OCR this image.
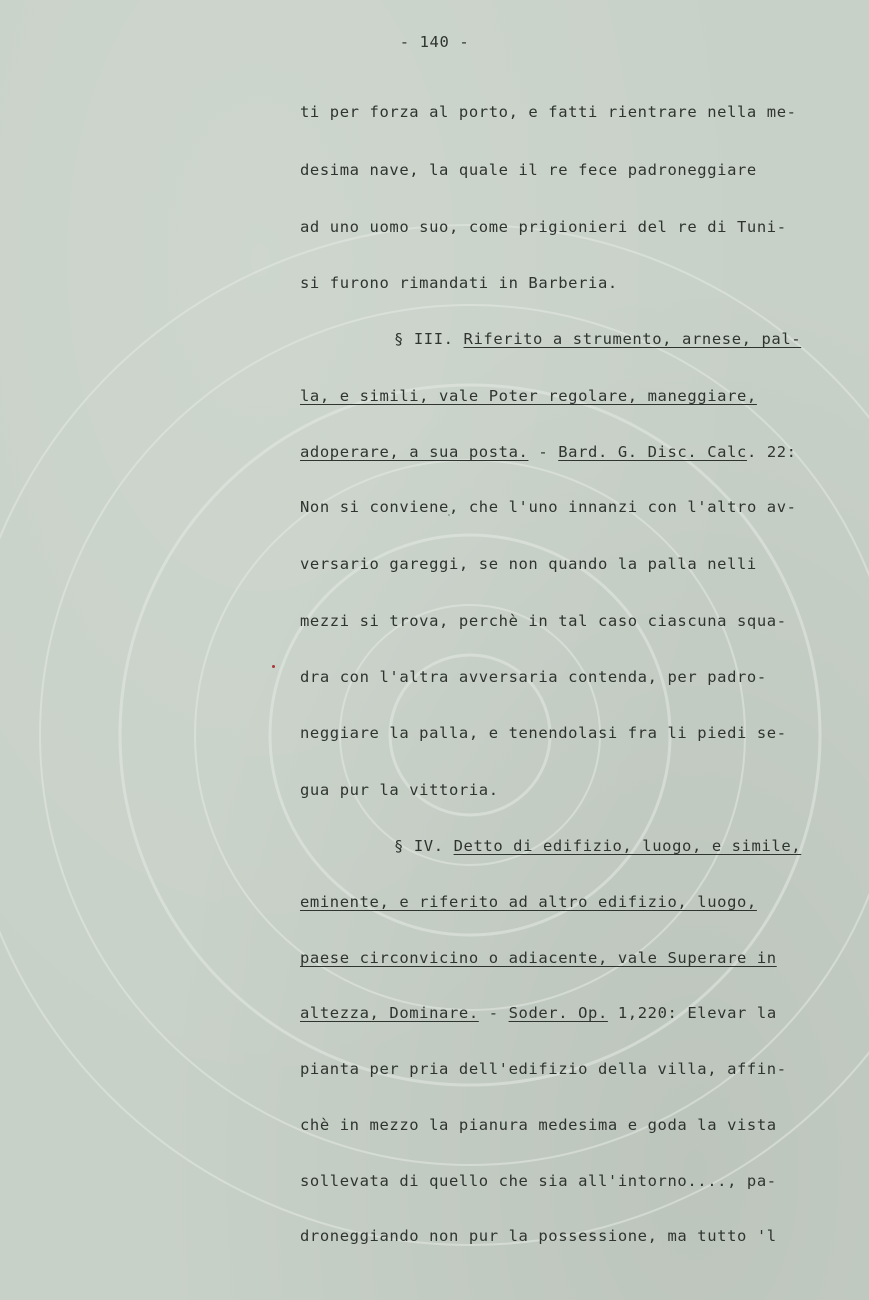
- 140 -
ti per forza al porto, e fatti rientrare nella me-
desima nave, la quale il re fece padroneggiare
ad uno uomo suo, come prigionieri del re di Tuni-
si furono rimandati in Barberia.
§ III. Riferito a strumento, arnese, pal-
la, e simili, vale Poter regolare, maneggiare,
adoperare, a sua posta. - Bard. G. Disc. Calc. 22:
Non si conviene, che l'uno innanzi con l'altro av-
versario gareggi, se non quando la palla nelli
mezzi si trova, perchè in tal caso ciascuna squa-
dra con l'altra avversaria contenda, per padro-
neggiare la palla, e tenendolasi fra li piedi se-
gua pur la vittoria.
§ IV. Detto di edifizio, luogo, e simile,
eminente, e riferito ad altro edifizio, luogo,
paese circonvicino o adiacente, vale Superare in
altezza, Dominare. - Soder. Op. 1,220: Elevar la
pianta per pria dell'edifizio della villa, affin-
chè in mezzo la pianura medesima e goda la vista
sollevata di quello che sia all'intorno...., pa-
droneggiando non pur la possessione, ma tutto 'l
